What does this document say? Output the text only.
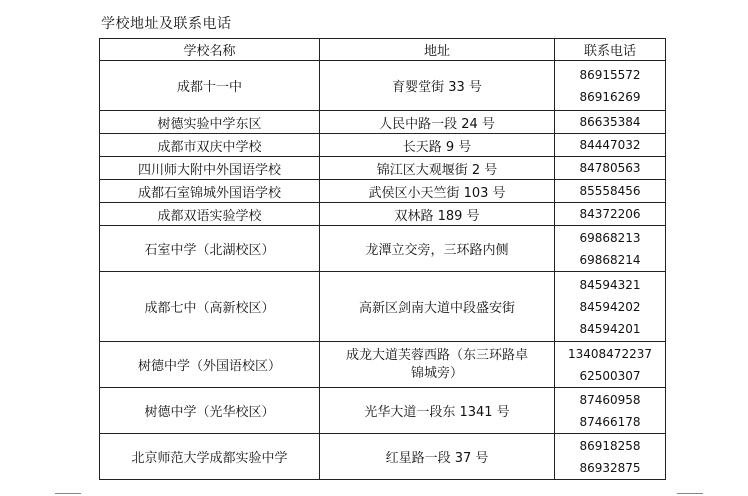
学校地址及联系电话
学校名称	地址	联系电话
成都十一中	育婴堂街 33 号	86915572
86916269

树德实验中学东区	人民中路一段 24 号	86635384

成都市双庆中学校	长天路 9 号	84447032

四川师大附中外国语学校	锦江区大观堰街 2 号	84780563

成都石室锦城外国语学校	武侯区小天竺街 103 号	85558456

成都双语实验学校	双林路 189 号	84372206

石室中学（北湖校区）	龙潭立交旁，三环路内侧	69868213
69868214

成都七中（高新校区）	高新区剑南大道中段盛安街	84594321
84594202
84594201

树德中学（外国语校区）	成龙大道芙蓉西路（东三环路卓
锦城旁）	13408472237
62500307

树德中学（光华校区）	光华大道一段东 1341 号	87460958
87466178

北京师范大学成都实验中学	红星路一段 37 号	86918258
86932875
